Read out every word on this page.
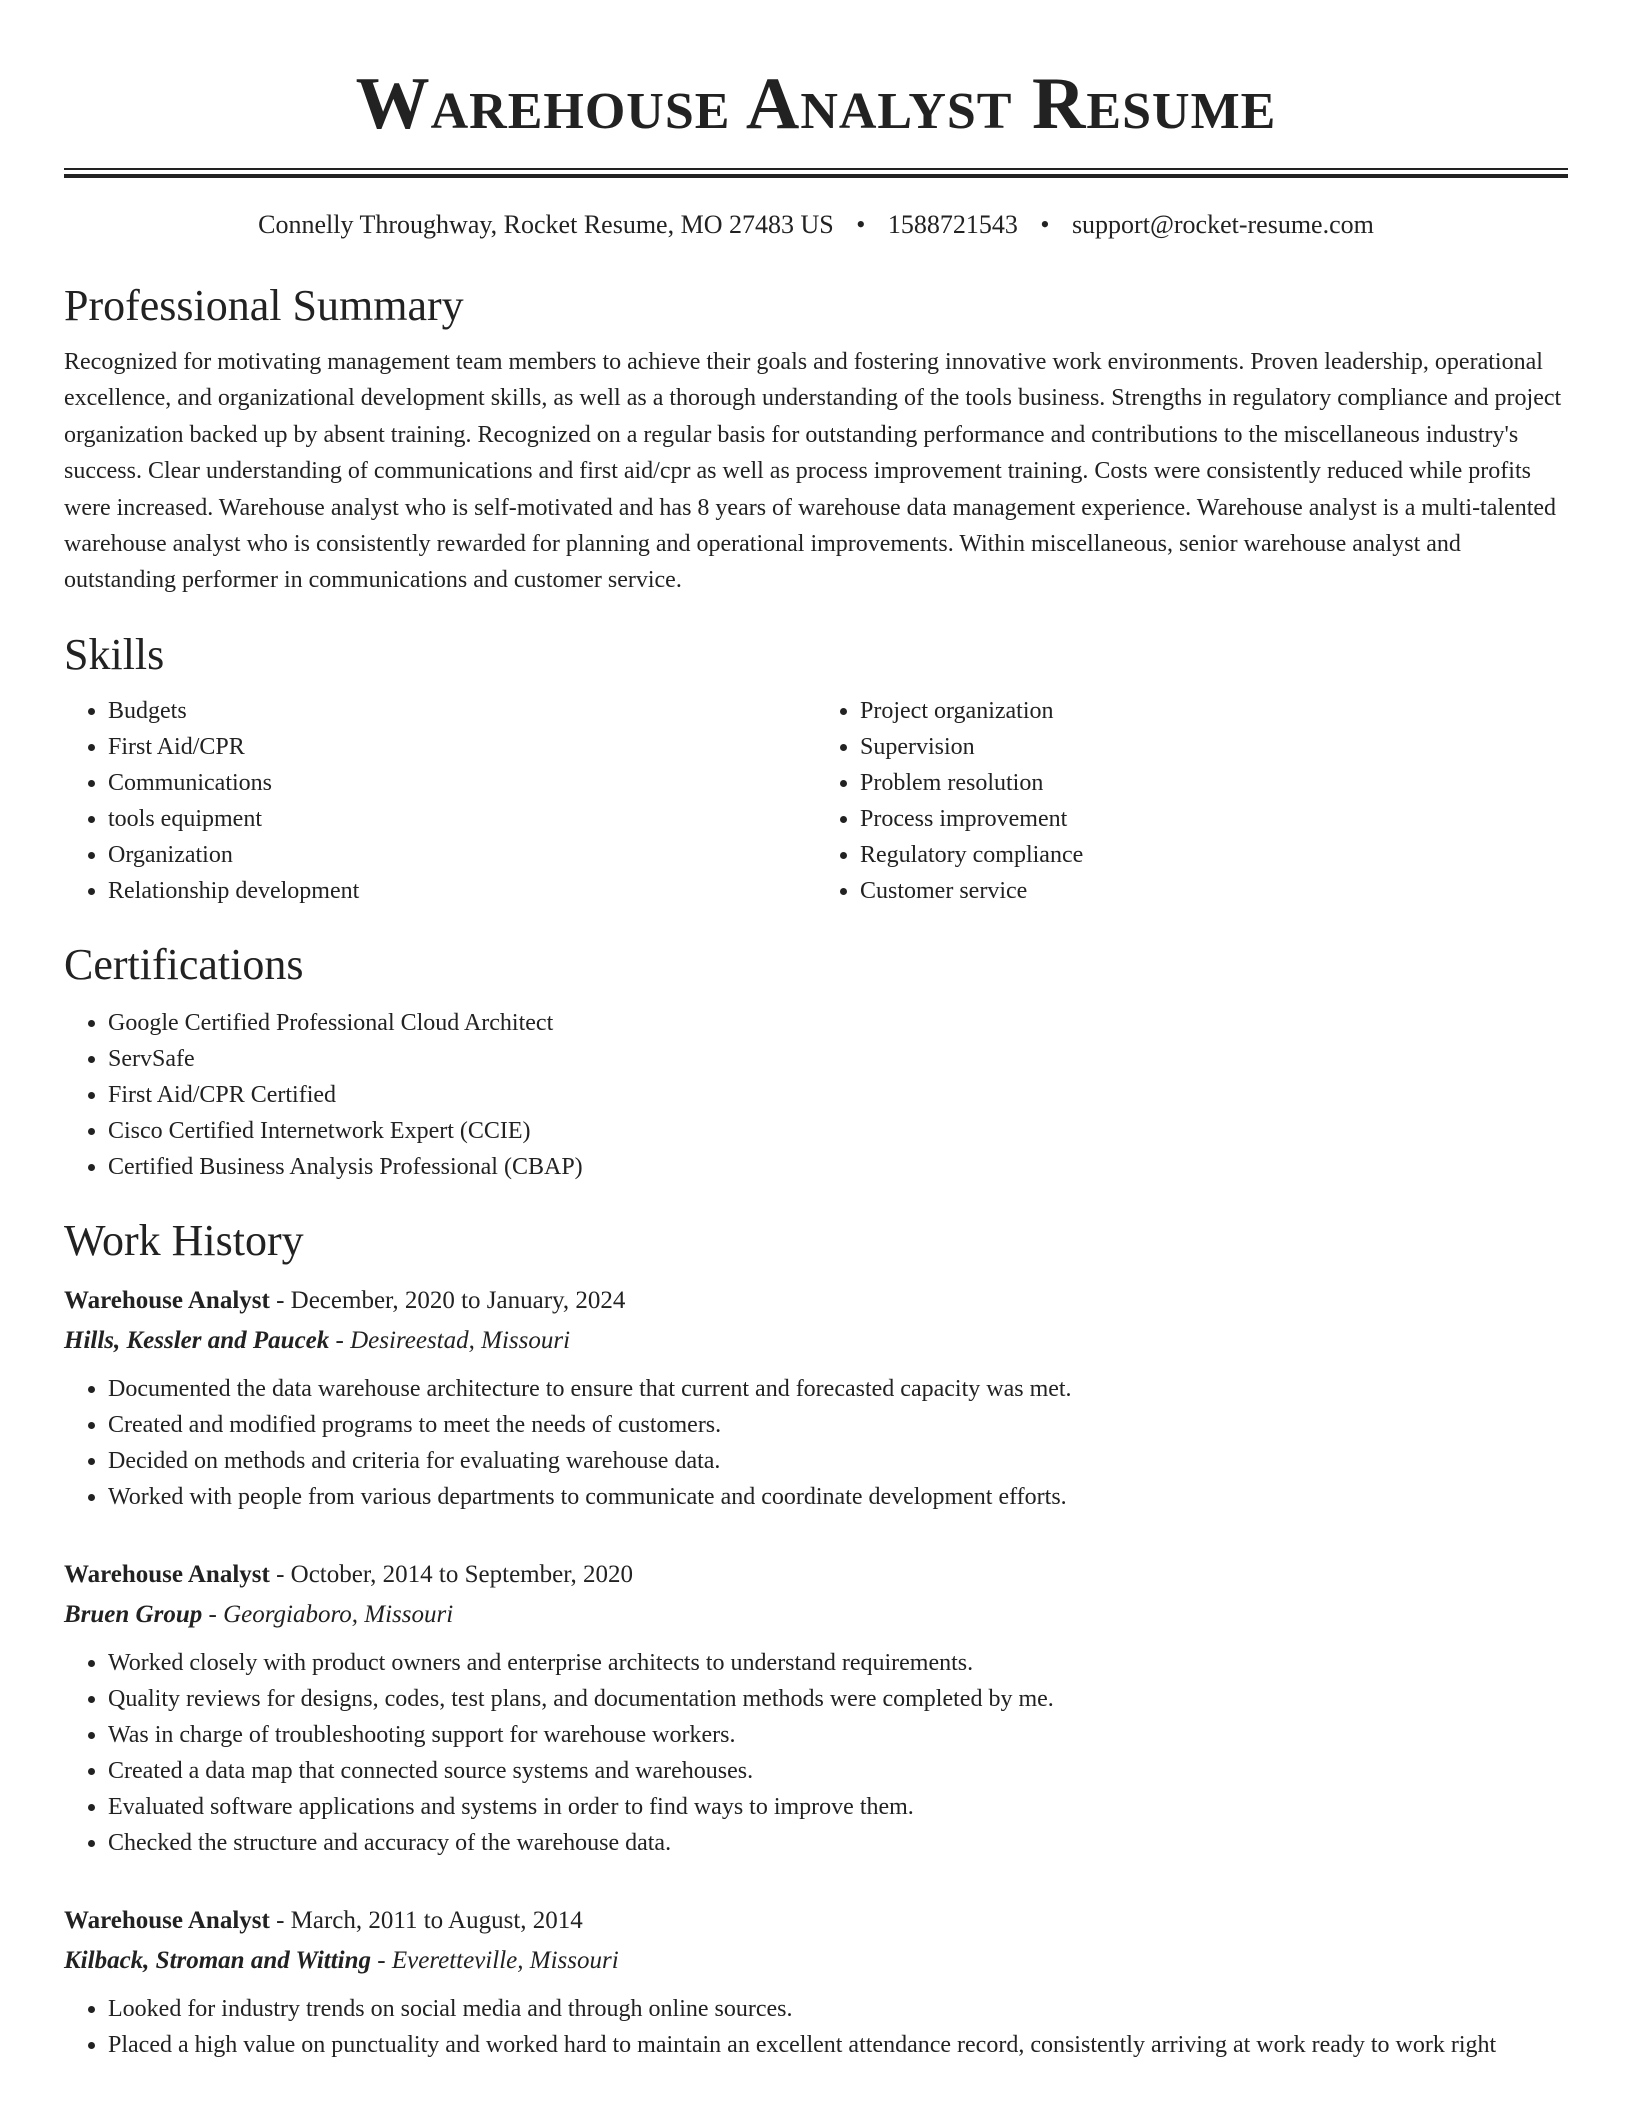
Warehouse Analyst Resume
Connelly Throughway, Rocket Resume, MO 27483 US • 1588721543 • support@rocket-resume.com
Professional Summary
Recognized for motivating management team members to achieve their goals and fostering innovative work environments. Proven leadership, operational excellence, and organizational development skills, as well as a thorough understanding of the tools business. Strengths in regulatory compliance and project organization backed up by absent training. Recognized on a regular basis for outstanding performance and contributions to the miscellaneous industry's success. Clear understanding of communications and first aid/cpr as well as process improvement training. Costs were consistently reduced while profits were increased. Warehouse analyst who is self-motivated and has 8 years of warehouse data management experience. Warehouse analyst is a multi-talented warehouse analyst who is consistently rewarded for planning and operational improvements. Within miscellaneous, senior warehouse analyst and outstanding performer in communications and customer service.
Skills
• Budgets
• First Aid/CPR
• Communications
• tools equipment
• Organization
• Relationship development
• Project organization
• Supervision
• Problem resolution
• Process improvement
• Regulatory compliance
• Customer service
Certifications
• Google Certified Professional Cloud Architect
• ServSafe
• First Aid/CPR Certified
• Cisco Certified Internetwork Expert (CCIE)
• Certified Business Analysis Professional (CBAP)
Work History
Warehouse Analyst - December, 2020 to January, 2024
Hills, Kessler and Paucek - Desireestad, Missouri
• Documented the data warehouse architecture to ensure that current and forecasted capacity was met.
• Created and modified programs to meet the needs of customers.
• Decided on methods and criteria for evaluating warehouse data.
• Worked with people from various departments to communicate and coordinate development efforts.
Warehouse Analyst - October, 2014 to September, 2020
Bruen Group - Georgiaboro, Missouri
• Worked closely with product owners and enterprise architects to understand requirements.
• Quality reviews for designs, codes, test plans, and documentation methods were completed by me.
• Was in charge of troubleshooting support for warehouse workers.
• Created a data map that connected source systems and warehouses.
• Evaluated software applications and systems in order to find ways to improve them.
• Checked the structure and accuracy of the warehouse data.
Warehouse Analyst - March, 2011 to August, 2014
Kilback, Stroman and Witting - Everetteville, Missouri
• Looked for industry trends on social media and through online sources.
• Placed a high value on punctuality and worked hard to maintain an excellent attendance record, consistently arriving at work ready to work right
